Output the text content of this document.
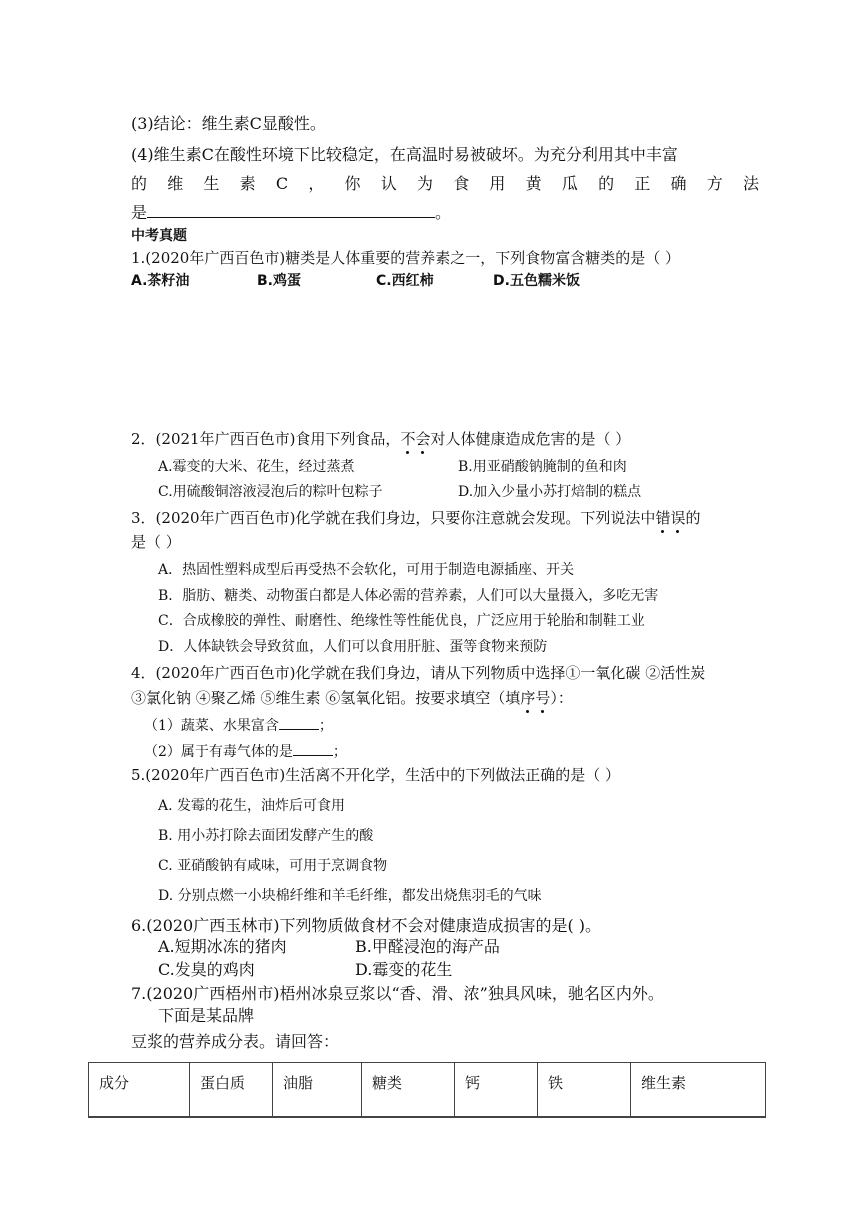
(3)结论：维生素C显酸性。
(4)维生素C在酸性环境下比较稳定，在高温时易被破坏。为充分利用其中丰富
的 维 生 素 C ， 你 认 为 食 用 黄 瓜 的 正 确 方 法
是	。
中考真题
1.(2020年广西百色市)糖类是人体重要的营养素之一，下列食物富含糖类的是（ ）
A.茶籽油	B.鸡蛋	C.西红柿	D.五色糯米饭
2．(2021年广西百色市)食用下列食品，不会对人体健康造成危害的是（ ）
A.霉变的大米、花生，经过蒸煮	B.用亚硝酸钠腌制的鱼和肉
C.用硫酸铜溶液浸泡后的粽叶包粽子	D.加入少量小苏打焙制的糕点
3．(2020年广西百色市)化学就在我们身边，只要你注意就会发现。下列说法中错误的
是（ ）
A．热固性塑料成型后再受热不会软化，可用于制造电源插座、开关
B．脂肪、糖类、动物蛋白都是人体必需的营养素，人们可以大量摄入，多吃无害
C．合成橡胶的弹性、耐磨性、绝缘性等性能优良，广泛应用于轮胎和制鞋工业
D．人体缺铁会导致贫血，人们可以食用肝脏、蛋等食物来预防
4．(2020年广西百色市)化学就在我们身边，请从下列物质中选择①一氧化碳 ②活性炭
③氯化钠 ④聚乙烯 ⑤维生素 ⑥氢氧化铝。按要求填空（填序号）：
（1）蔬菜、水果富含	；
（2）属于有毒气体的是	；
5.(2020年广西百色市)生活离不开化学，生活中的下列做法正确的是（ ）
A. 发霉的花生，油炸后可食用
B. 用小苏打除去面团发酵产生的酸
C. 亚硝酸钠有咸味，可用于烹调食物
D. 分别点燃一小块棉纤维和羊毛纤维，都发出烧焦羽毛的气味
6.(2020广西玉林市)下列物质做食材不会对健康造成损害的是( )。
A.短期冰冻的猪肉	B.甲醛浸泡的海产品
C.发臭的鸡肉	D.霉变的花生
7.(2020广西梧州市)梧州冰泉豆浆以“香、滑、浓”独具风味，驰名区内外。
下面是某品牌
豆浆的营养成分表。请回答：
成分	蛋白质	油脂	糖类	钙	铁	维生素
